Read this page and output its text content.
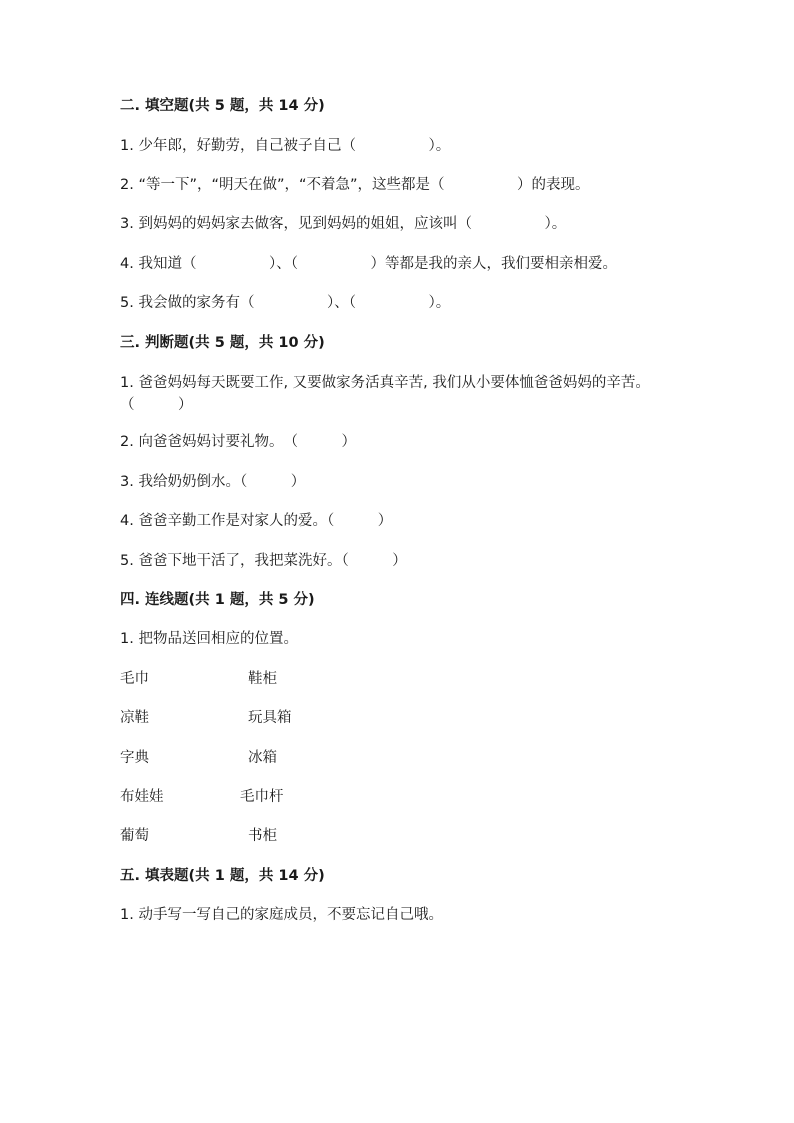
二. 填空题(共 5 题，共 14 分)
1. 少年郎，好勤劳，自己被子自己（　　　　　）。
2. “等一下”，“明天在做”，“不着急”，这些都是（　　　　　）的表现。
3. 到妈妈的妈妈家去做客，见到妈妈的姐姐，应该叫（　　　　　）。
4. 我知道（　　　　　）、（　　　　　）等都是我的亲人，我们要相亲相爱。
5. 我会做的家务有（　　　　　）、（　　　　　）。
三. 判断题(共 5 题，共 10 分)
1. 爸爸妈妈每天既要工作, 又要做家务活真辛苦, 我们从小要体恤爸爸妈妈的辛苦。（　　　）
2. 向爸爸妈妈讨要礼物。　（　　　）
3. 我给奶奶倒水。（　　　）
4. 爸爸辛勤工作是对家人的爱。（　　　）
5. 爸爸下地干活了，我把菜洗好。（　　　）
四. 连线题(共 1 题，共 5 分)
1. 把物品送回相应的位置。
毛巾	鞋柜
凉鞋	玩具箱
字典	冰箱
布娃娃	毛巾杆
葡萄	书柜
五. 填表题(共 1 题，共 14 分)
1. 动手写一写自己的家庭成员，不要忘记自己哦。
